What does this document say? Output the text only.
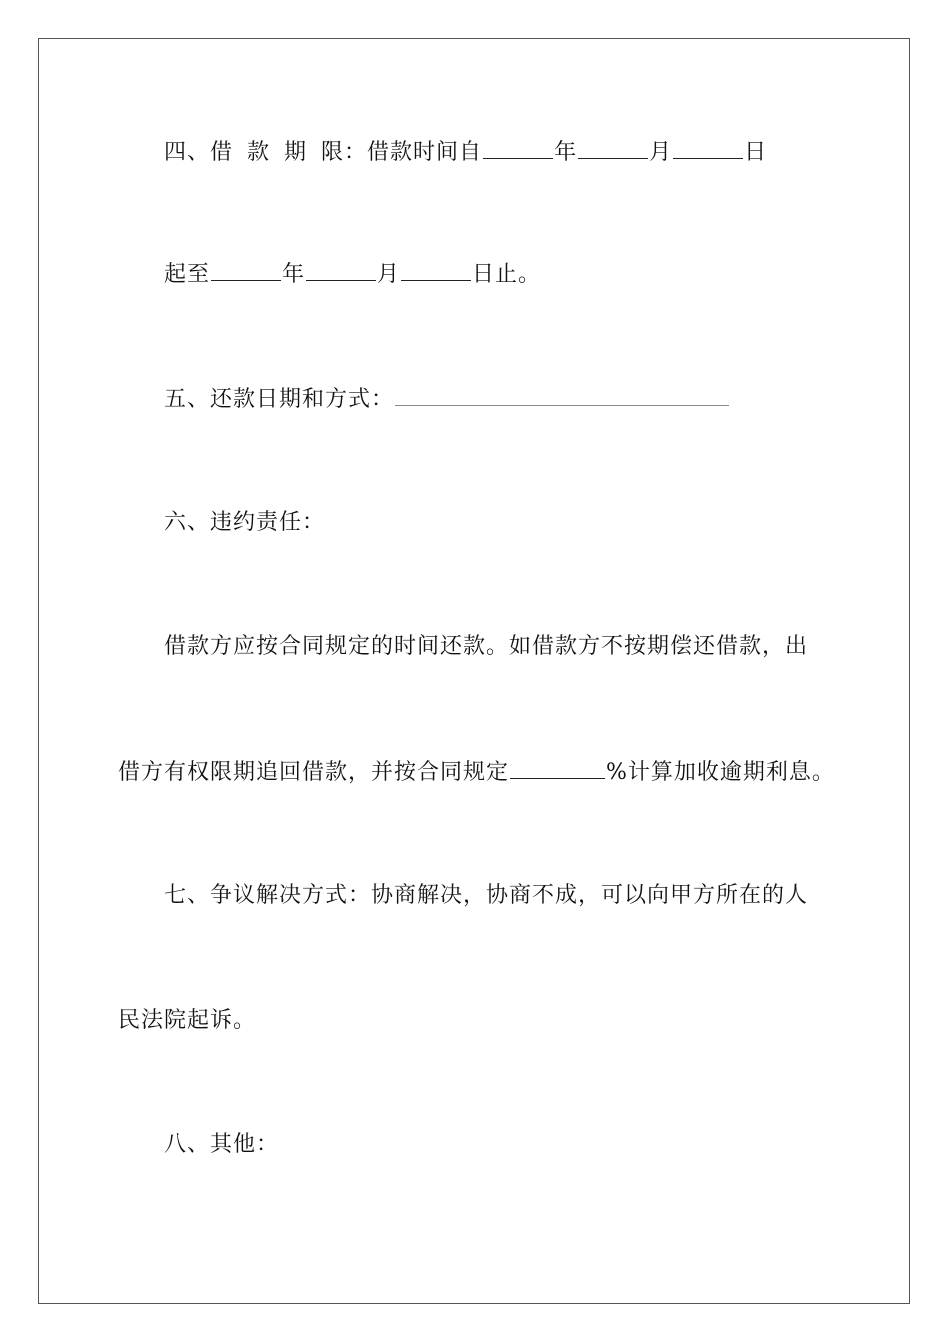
四、借 款 期 限：借款时间自	年	月	日
起至	年	月	日止。
五、还款日期和方式：
六、违约责任：
借款方应按合同规定的时间还款。如借款方不按期偿还借款，出
借方有权限期追回借款，并按合同规定	%计算加收逾期利息。
七、争议解决方式：协商解决，协商不成，可以向甲方所在的人
民法院起诉。
八、其他：
